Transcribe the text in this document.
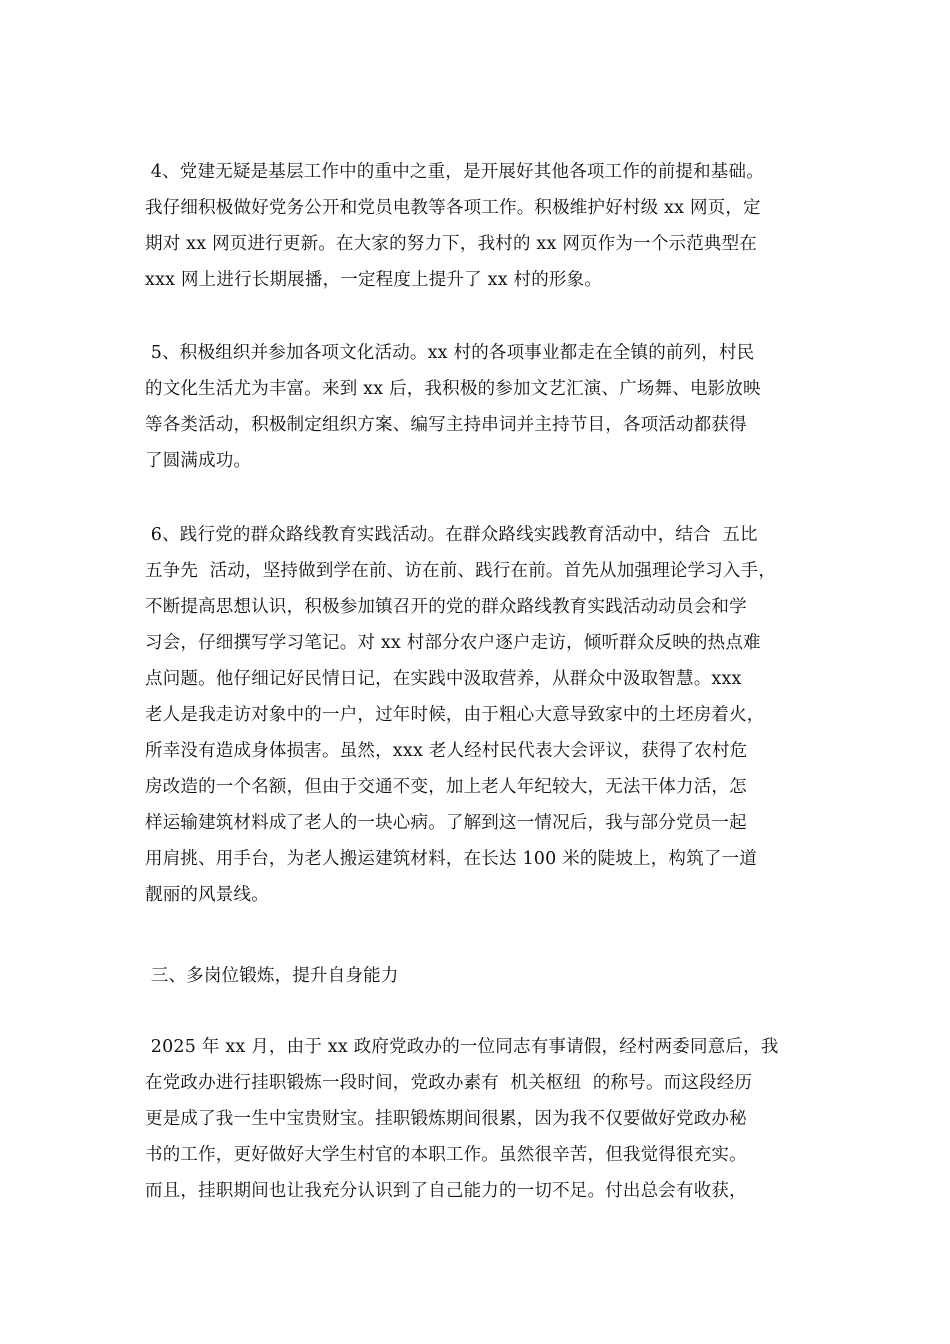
4、党建无疑是基层工作中的重中之重，是开展好其他各项工作的前提和基础。
我仔细积极做好党务公开和党员电教等各项工作。积极维护好村级 xx 网页，定
期对 xx 网页进行更新。在大家的努力下，我村的 xx 网页作为一个示范典型在
xxx 网上进行长期展播，一定程度上提升了 xx 村的形象。
5、积极组织并参加各项文化活动。xx 村的各项事业都走在全镇的前列，村民
的文化生活尤为丰富。来到 xx 后，我积极的参加文艺汇演、广场舞、电影放映
等各类活动，积极制定组织方案、编写主持串词并主持节目，各项活动都获得
了圆满成功。
6、践行党的群众路线教育实践活动。在群众路线实践教育活动中，结合  五比
五争先  活动，坚持做到学在前、访在前、践行在前。首先从加强理论学习入手，
不断提高思想认识，积极参加镇召开的党的群众路线教育实践活动动员会和学
习会，仔细撰写学习笔记。对 xx 村部分农户逐户走访，倾听群众反映的热点难
点问题。他仔细记好民情日记，在实践中汲取营养，从群众中汲取智慧。xxx
老人是我走访对象中的一户，过年时候，由于粗心大意导致家中的土坯房着火，
所幸没有造成身体损害。虽然，xxx 老人经村民代表大会评议，获得了农村危
房改造的一个名额，但由于交通不变，加上老人年纪较大，无法干体力活，怎
样运输建筑材料成了老人的一块心病。了解到这一情况后，我与部分党员一起
用肩挑、用手台，为老人搬运建筑材料，在长达 100 米的陡坡上，构筑了一道
靓丽的风景线。
三、多岗位锻炼，提升自身能力
2025 年 xx 月，由于 xx 政府党政办的一位同志有事请假，经村两委同意后，我
在党政办进行挂职锻炼一段时间，党政办素有  机关枢纽  的称号。而这段经历
更是成了我一生中宝贵财宝。挂职锻炼期间很累，因为我不仅要做好党政办秘
书的工作，更好做好大学生村官的本职工作。虽然很辛苦，但我觉得很充实。
而且，挂职期间也让我充分认识到了自己能力的一切不足。付出总会有收获，
